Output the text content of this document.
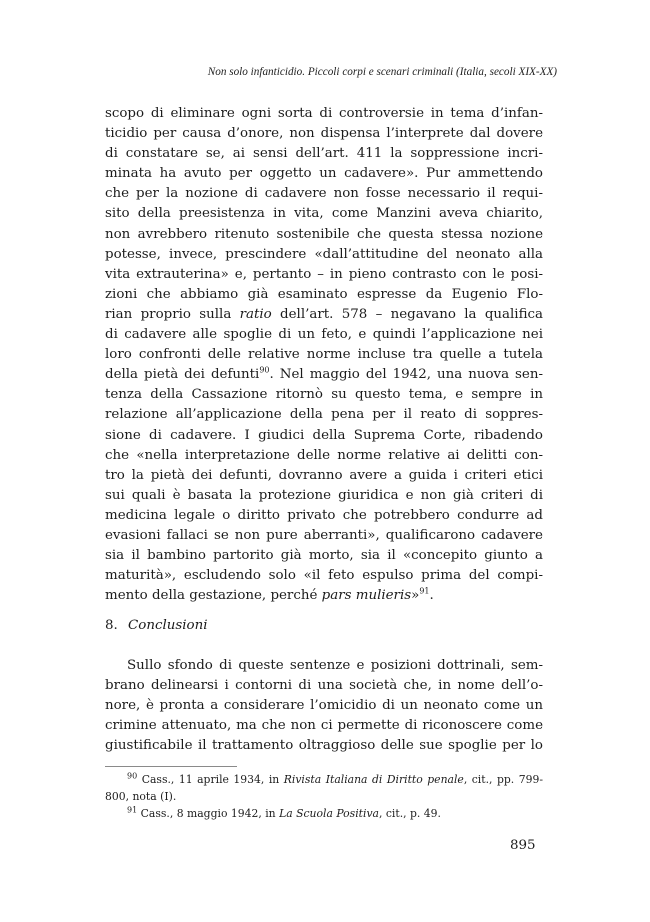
Non solo infanticidio. Piccoli corpi e scenari criminali (Italia, secoli XIX-XX)
scopo di eliminare ogni sorta di controversie in tema d’infan-
ticidio per causa d’onore, non dispensa l’interprete dal dovere
di constatare se, ai sensi dell’art. 411 la soppressione incri-
minata ha avuto per oggetto un cadavere». Pur ammettendo
che per la nozione di cadavere non fosse necessario il requi-
sito della preesistenza in vita, come Manzini aveva chiarito,
non avrebbero ritenuto sostenibile che questa stessa nozione
potesse, invece, prescindere «dall’attitudine del neonato alla
vita extrauterina» e, pertanto – in pieno contrasto con le posi-
zioni che abbiamo già esaminato espresse da Eugenio Flo-
rian proprio sulla ratio dell’art. 578 – negavano la qualifica
di cadavere alle spoglie di un feto, e quindi l’applicazione nei
loro confronti delle relative norme incluse tra quelle a tutela
della pietà dei defunti$^{90}$. Nel maggio del 1942, una nuova sen-
tenza della Cassazione ritornò su questo tema, e sempre in
relazione all’applicazione della pena per il reato di soppres-
sione di cadavere. I giudici della Suprema Corte, ribadendo
che «nella interpretazione delle norme relative ai delitti con-
tro la pietà dei defunti, dovranno avere a guida i criteri etici
sui quali è basata la protezione giuridica e non già criteri di
medicina legale o diritto privato che potrebbero condurre ad
evasioni fallaci se non pure aberranti», qualificarono cadavere
sia il bambino partorito già morto, sia il «concepito giunto a
maturità», escludendo solo «il feto espulso prima del compi-
mento della gestazione, perché pars mulieris»$^{91}$.
8. Conclusioni
Sullo sfondo di queste sentenze e posizioni dottrinali, sem-
brano delinearsi i contorni di una società che, in nome dell’o-
nore, è pronta a considerare l’omicidio di un neonato come un
crimine attenuato, ma che non ci permette di riconoscere come
giustificabile il trattamento oltraggioso delle sue spoglie per lo
$^{90}$ Cass., 11 aprile 1934, in Rivista Italiana di Diritto penale, cit., pp. 799-
800, nota (I).
$^{91}$ Cass., 8 maggio 1942, in La Scuola Positiva, cit., p. 49.
895
